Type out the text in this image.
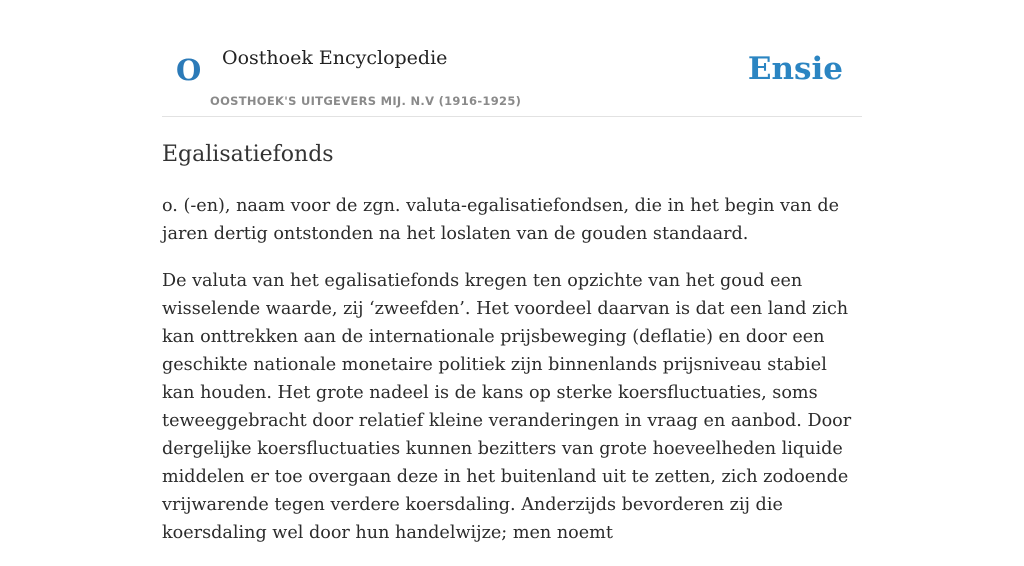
O Oosthoek Encyclopedie
OOSTHOEK'S UITGEVERS MIJ. N.V (1916-1925)
Ensie
Egalisatiefonds

o. (-en), naam voor de zgn. valuta-egalisatiefondsen, die in het begin van de jaren dertig ontstonden na het loslaten van de gouden standaard.

De valuta van het egalisatiefonds kregen ten opzichte van het goud een wisselende waarde, zij ‘zweefden’. Het voordeel daarvan is dat een land zich kan onttrekken aan de internationale prijsbeweging (deflatie) en door een geschikte nationale monetaire politiek zijn binnenlands prijsniveau stabiel kan houden. Het grote nadeel is de kans op sterke koersfluctuaties, soms teweeggebracht door relatief kleine veranderingen in vraag en aanbod. Door dergelijke koersfluctuaties kunnen bezitters van grote hoeveelheden liquide middelen er toe overgaan deze in het buitenland uit te zetten, zich zodoende vrijwarende tegen verdere koersdaling. Anderzijds bevorderen zij die koersdaling wel door hun handelwijze; men noemt
